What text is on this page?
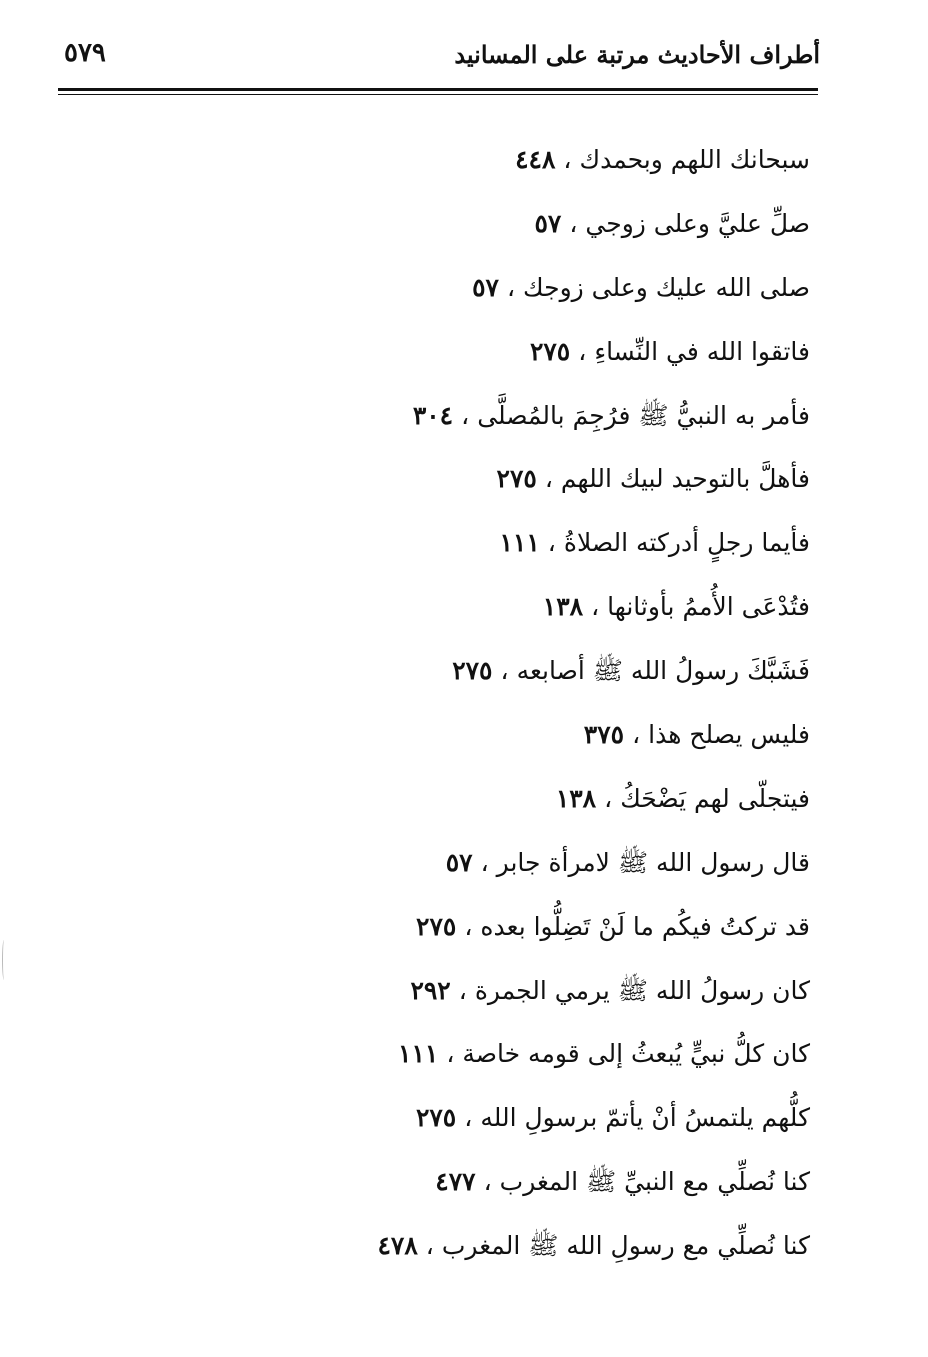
٥٧٩	أطراف الأحاديث مرتبة على المسانيد
سبحانك اللهم وبحمدك،٤٤٨
صلِّ عليَّ وعلى زوجي،٥٧
صلى الله عليك وعلى زوجك،٥٧
فاتقوا الله في النِّساءِ،٢٧٥
فأمر به النبيُّ ﷺ فرُجِمَ بالمُصلَّى،٣٠٤
فأهلَّ بالتوحيد لبيك اللهم،٢٧٥
فأيما رجلٍ أدركته الصلاةُ،١١١
فتُدْعَى الأُممُ بأوثانها،١٣٨
فَشَبَّكَ رسولُ الله ﷺ أصابعه،٢٧٥
فليس يصلح هذا،٣٧٥
فيتجلّى لهم يَضْحَكُ،١٣٨
قال رسول الله ﷺ لامرأة جابر،٥٧
قد تركتُ فيكُم ما لَنْ تَضِلُّوا بعده،٢٧٥
كان رسولُ الله ﷺ يرمي الجمرة،٢٩٢
كان كلُّ نبيٍّ يُبعثُ إلى قومه خاصة،١١١
كلُّهم يلتمسُ أنْ يأتمّ برسولِ الله،٢٧٥
كنا نُصلِّي مع النبيِّ ﷺ المغرب،٤٧٧
كنا نُصلِّي مع رسولِ الله ﷺ المغرب،٤٧٨
